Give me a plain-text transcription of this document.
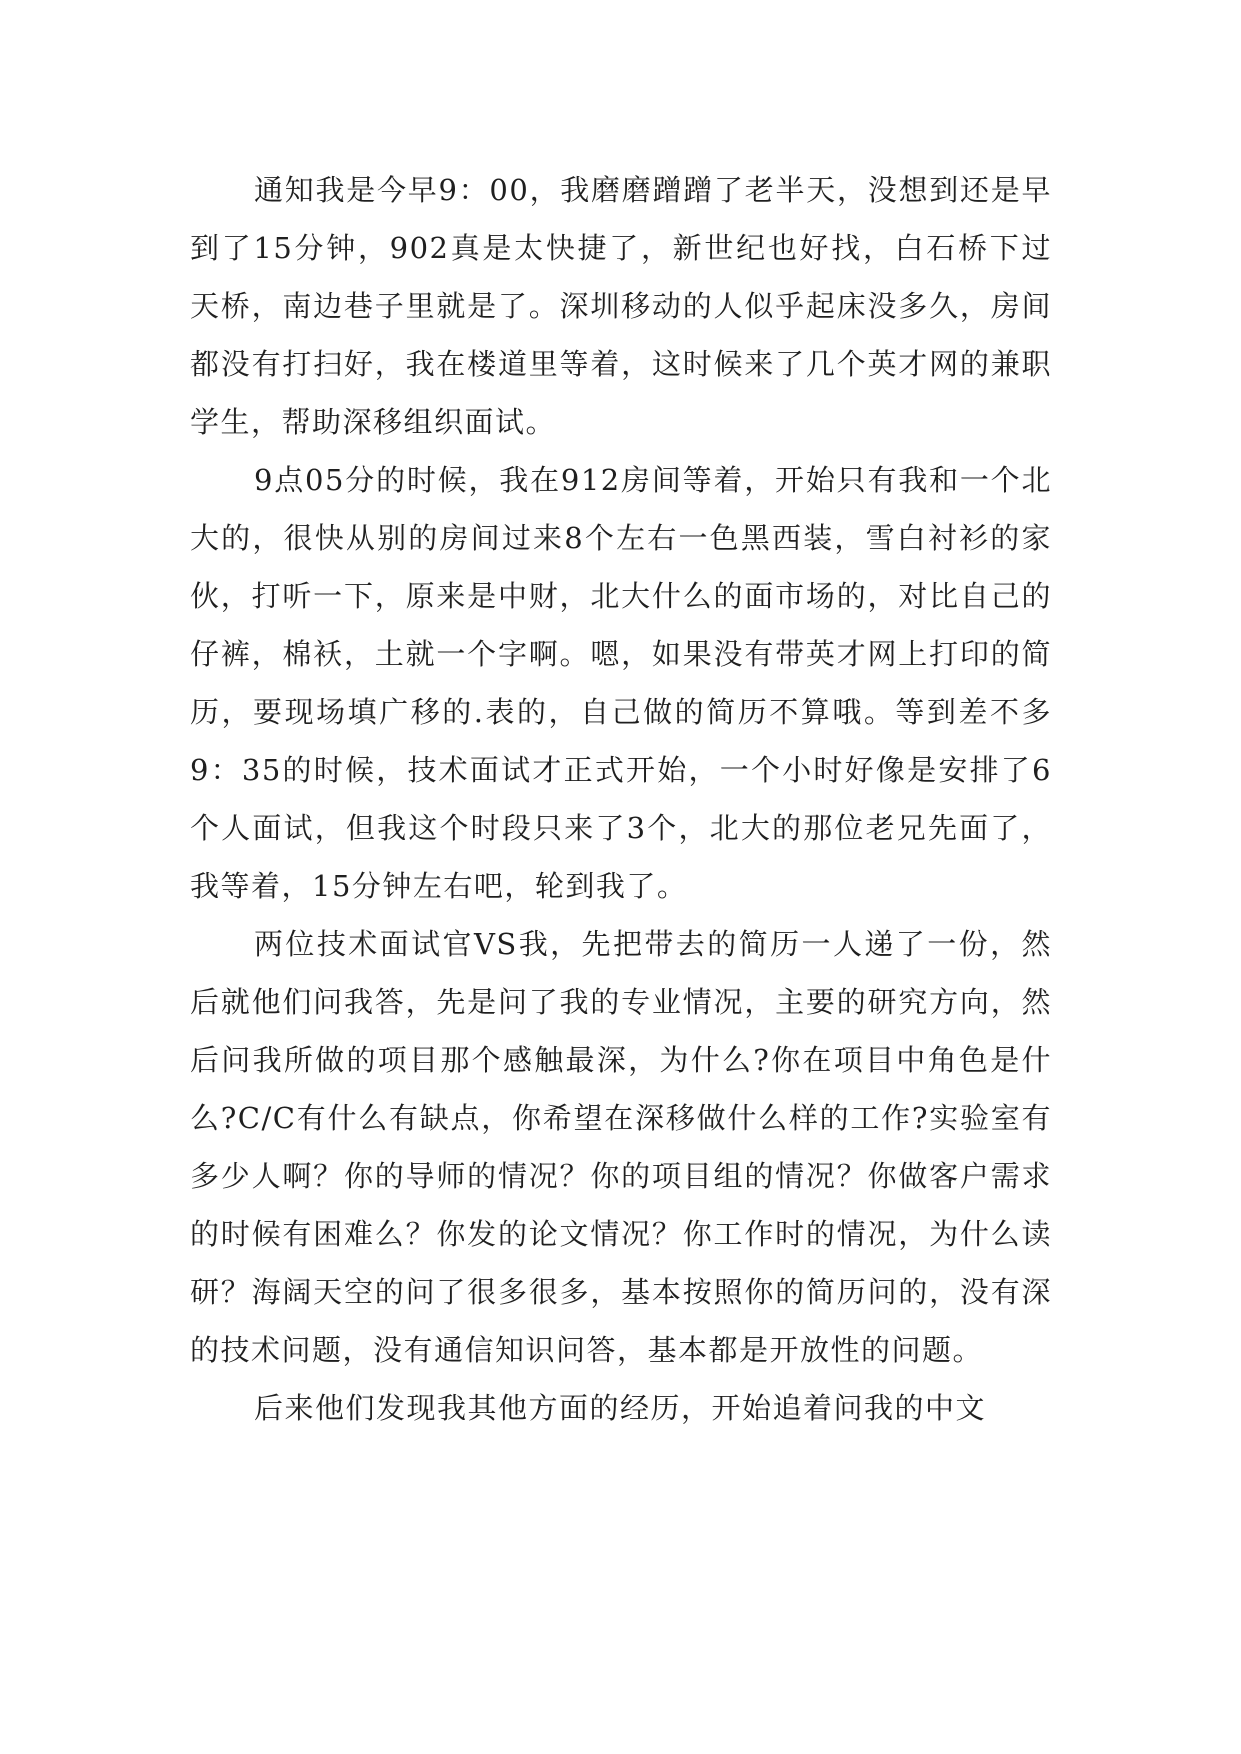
通知我是今早9：00，我磨磨蹭蹭了老半天，没想到还是早到了15分钟，902真是太快捷了，新世纪也好找，白石桥下过天桥，南边巷子里就是了。深圳移动的人似乎起床没多久，房间都没有打扫好，我在楼道里等着，这时候来了几个英才网的兼职学生，帮助深移组织面试。

9点05分的时候，我在912房间等着，开始只有我和一个北大的，很快从别的房间过来8个左右一色黑西装，雪白衬衫的家伙，打听一下，原来是中财，北大什么的面市场的，对比自己的仔裤，棉袄，土就一个字啊。嗯，如果没有带英才网上打印的简历，要现场填广移的.表的，自己做的简历不算哦。等到差不多9：35的时候，技术面试才正式开始，一个小时好像是安排了6个人面试，但我这个时段只来了3个，北大的那位老兄先面了，我等着，15分钟左右吧，轮到我了。

两位技术面试官VS我，先把带去的简历一人递了一份，然后就他们问我答，先是问了我的专业情况，主要的研究方向，然后问我所做的项目那个感触最深，为什么?你在项目中角色是什么?C/C有什么有缺点，你希望在深移做什么样的工作?实验室有多少人啊？你的导师的情况？你的项目组的情况？你做客户需求的时候有困难么？你发的论文情况？你工作时的情况，为什么读研？海阔天空的问了很多很多，基本按照你的简历问的，没有深的技术问题，没有通信知识问答，基本都是开放性的问题。

后来他们发现我其他方面的经历，开始追着问我的中文
